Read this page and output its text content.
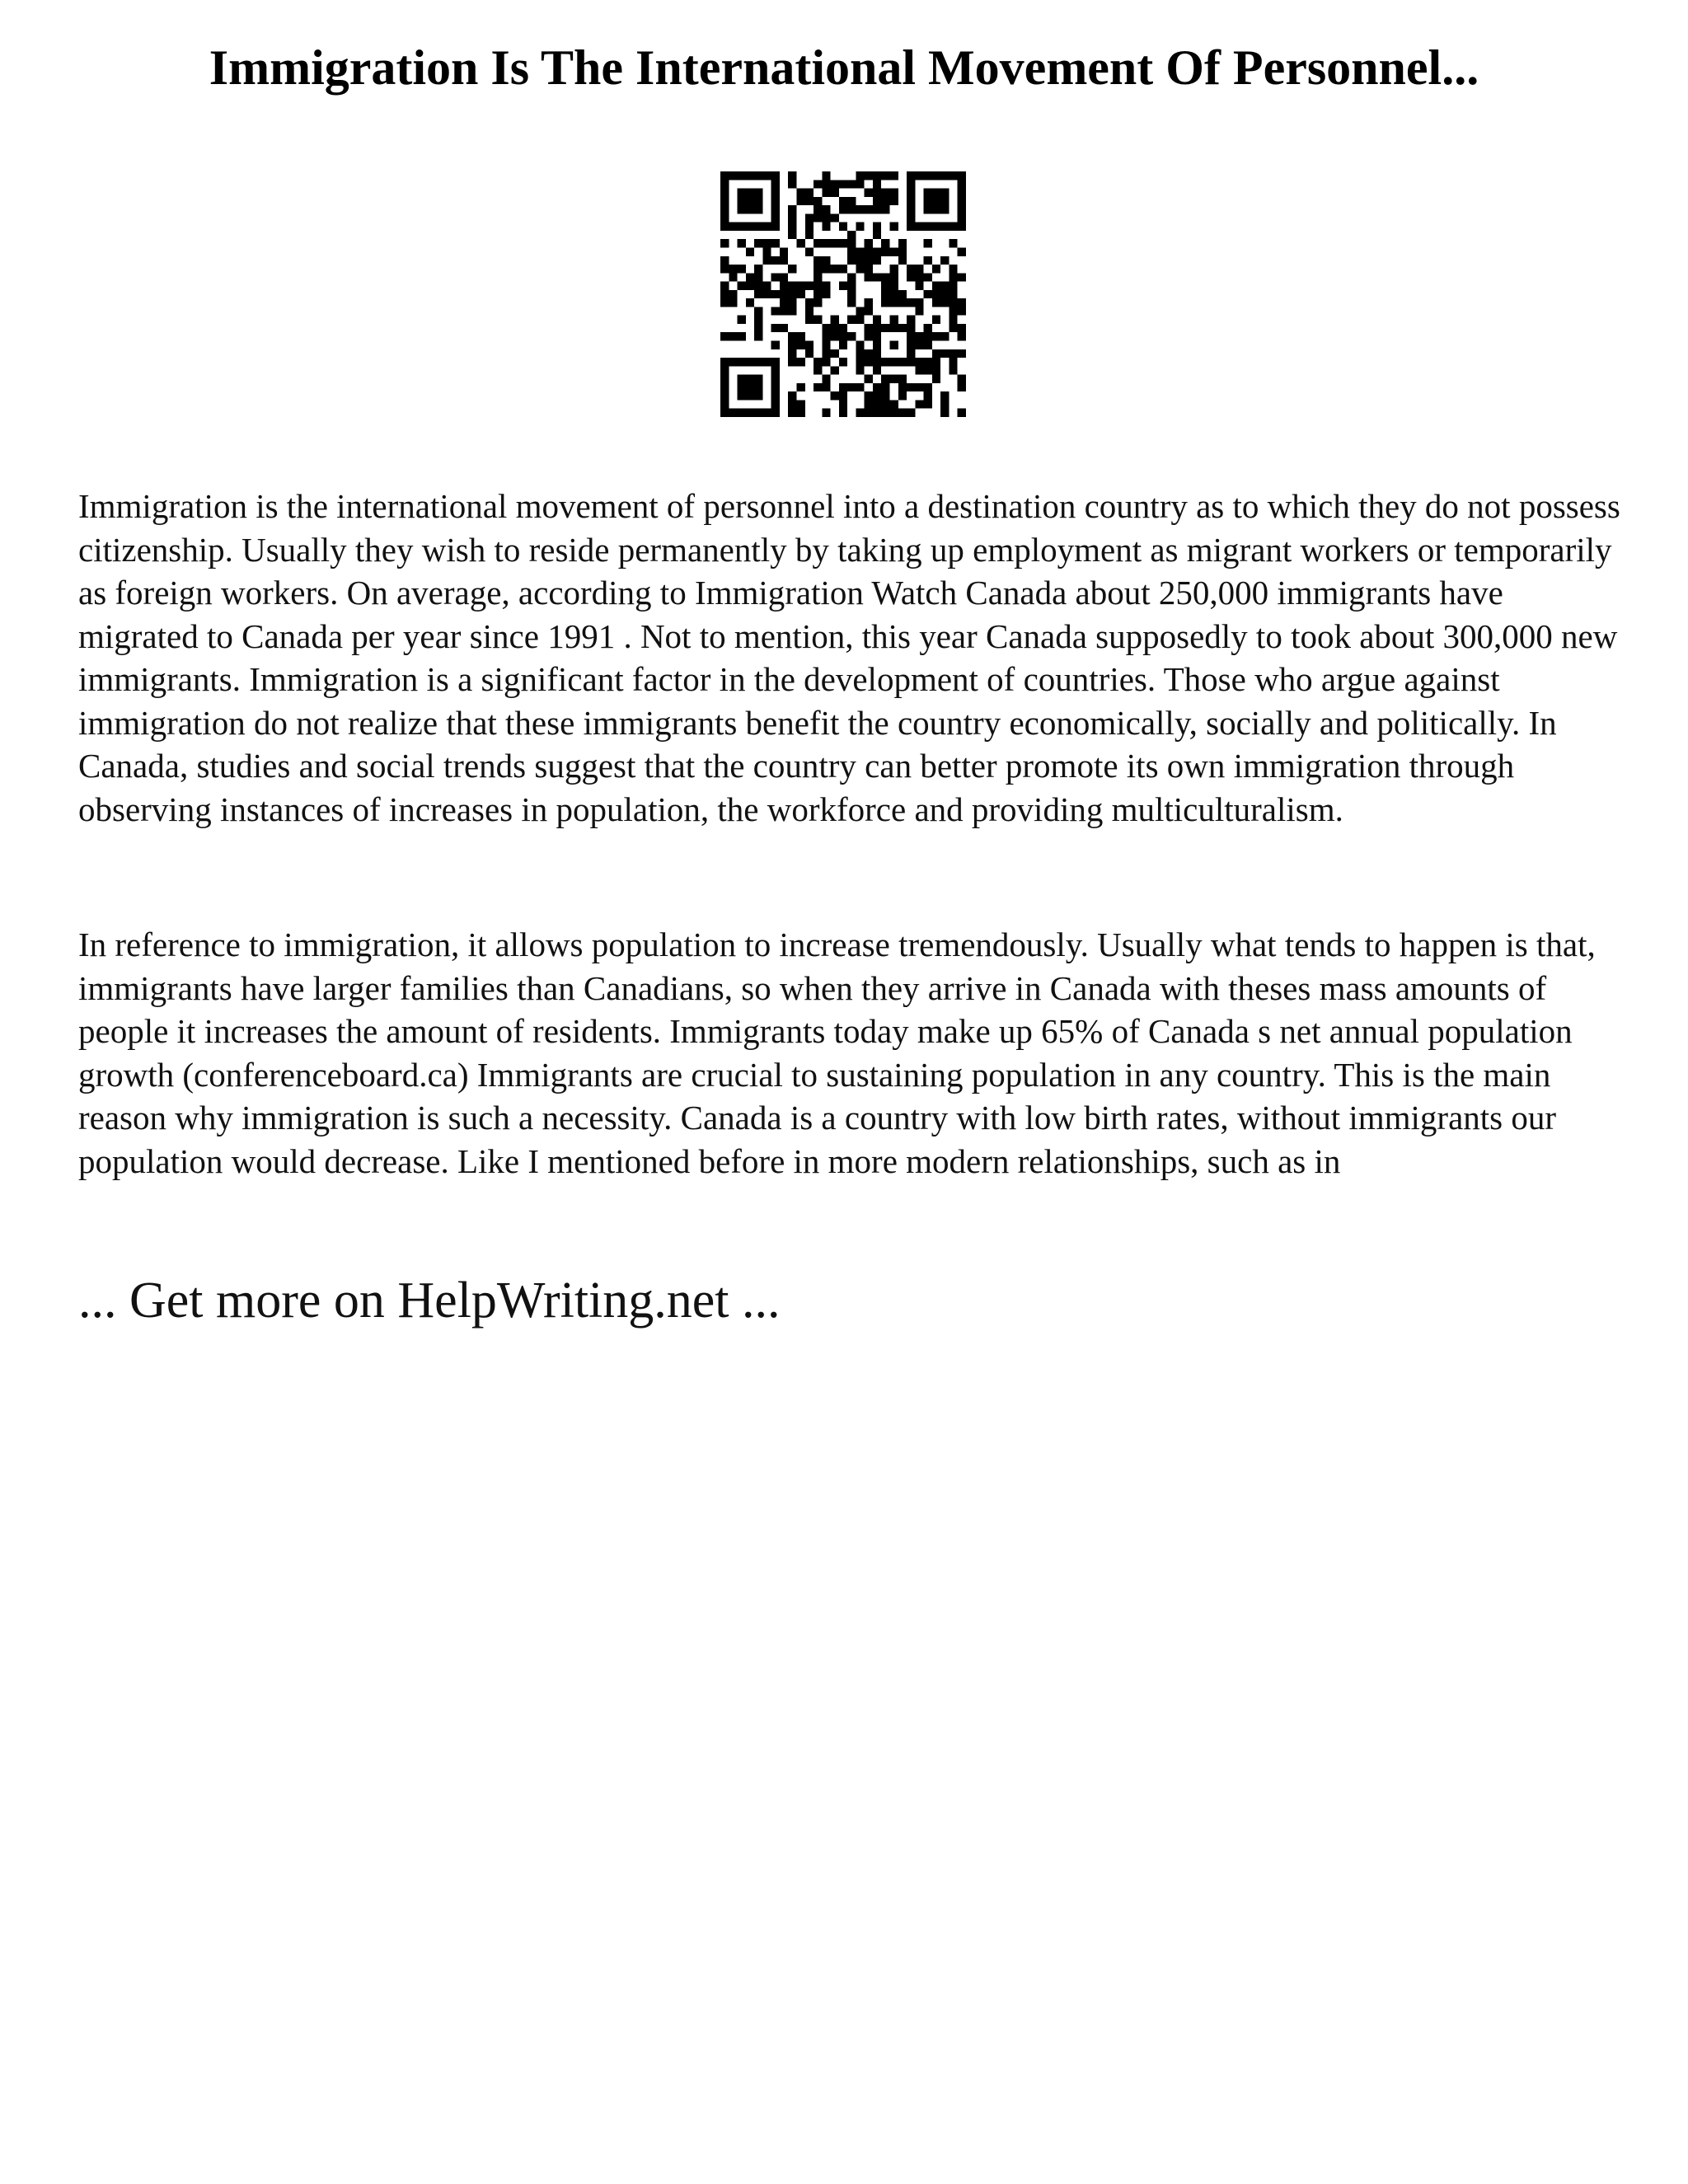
Immigration Is The International Movement Of Personnel...

Immigration is the international movement of personnel into a destination country as to which they do not possess citizenship. Usually they wish to reside permanently by taking up employment as migrant workers or temporarily as foreign workers. On average, according to Immigration Watch Canada about 250,000 immigrants have migrated to Canada per year since 1991 . Not to mention, this year Canada supposedly to took about 300,000 new immigrants. Immigration is a significant factor in the development of countries. Those who argue against immigration do not realize that these immigrants benefit the country economically, socially and politically. In Canada, studies and social trends suggest that the country can better promote its own immigration through observing instances of increases in population, the workforce and providing multiculturalism.

In reference to immigration, it allows population to increase tremendously. Usually what tends to happen is that, immigrants have larger families than Canadians, so when they arrive in Canada with theses mass amounts of people it increases the amount of residents. Immigrants today make up 65% of Canada s net annual population growth (conferenceboard.ca) Immigrants are crucial to sustaining population in any country. This is the main reason why immigration is such a necessity. Canada is a country with low birth rates, without immigrants our population would decrease. Like I mentioned before in more modern relationships, such as in

... Get more on HelpWriting.net ...
